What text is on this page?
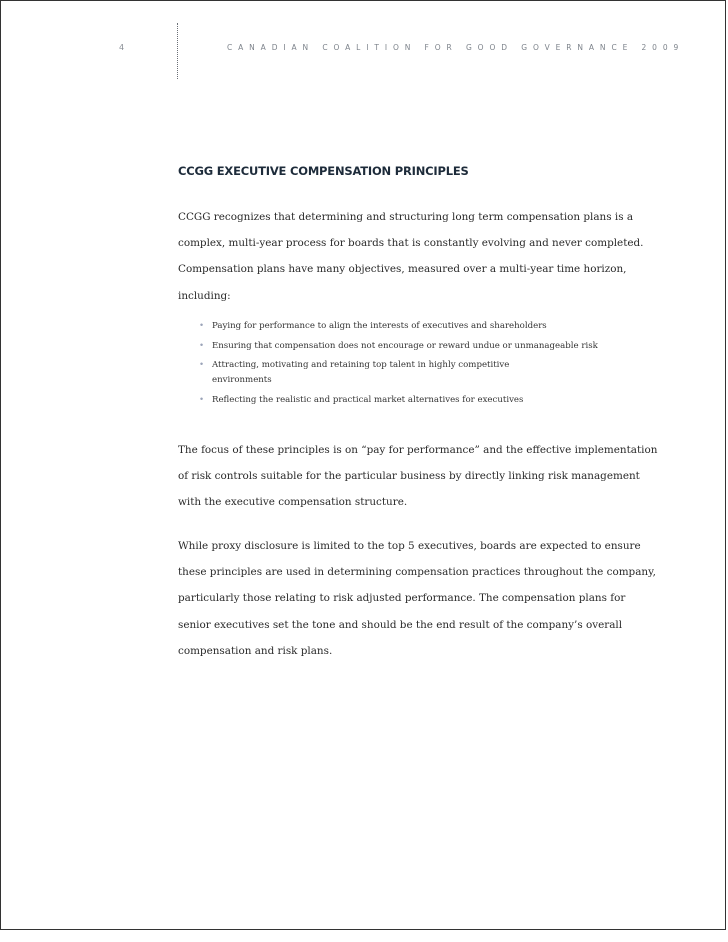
4	CANADIAN COALITION FOR GOOD GOVERNANCE 2009
CCGG EXECUTIVE COMPENSATION PRINCIPLES

CCGG recognizes that determining and structuring long term compensation plans is a
complex, multi-year process for boards that is constantly evolving and never completed.
Compensation plans have many objectives, measured over a multi-year time horizon,
including:

• Paying for performance to align the interests of executives and shareholders
• Ensuring that compensation does not encourage or reward undue or unmanageable risk
• Attracting, motivating and retaining top talent in highly competitive
environments
• Reflecting the realistic and practical market alternatives for executives

The focus of these principles is on “pay for performance” and the effective implementation
of risk controls suitable for the particular business by directly linking risk management
with the executive compensation structure.

While proxy disclosure is limited to the top 5 executives, boards are expected to ensure
these principles are used in determining compensation practices throughout the company,
particularly those relating to risk adjusted performance. The compensation plans for
senior executives set the tone and should be the end result of the company’s overall
compensation and risk plans.
